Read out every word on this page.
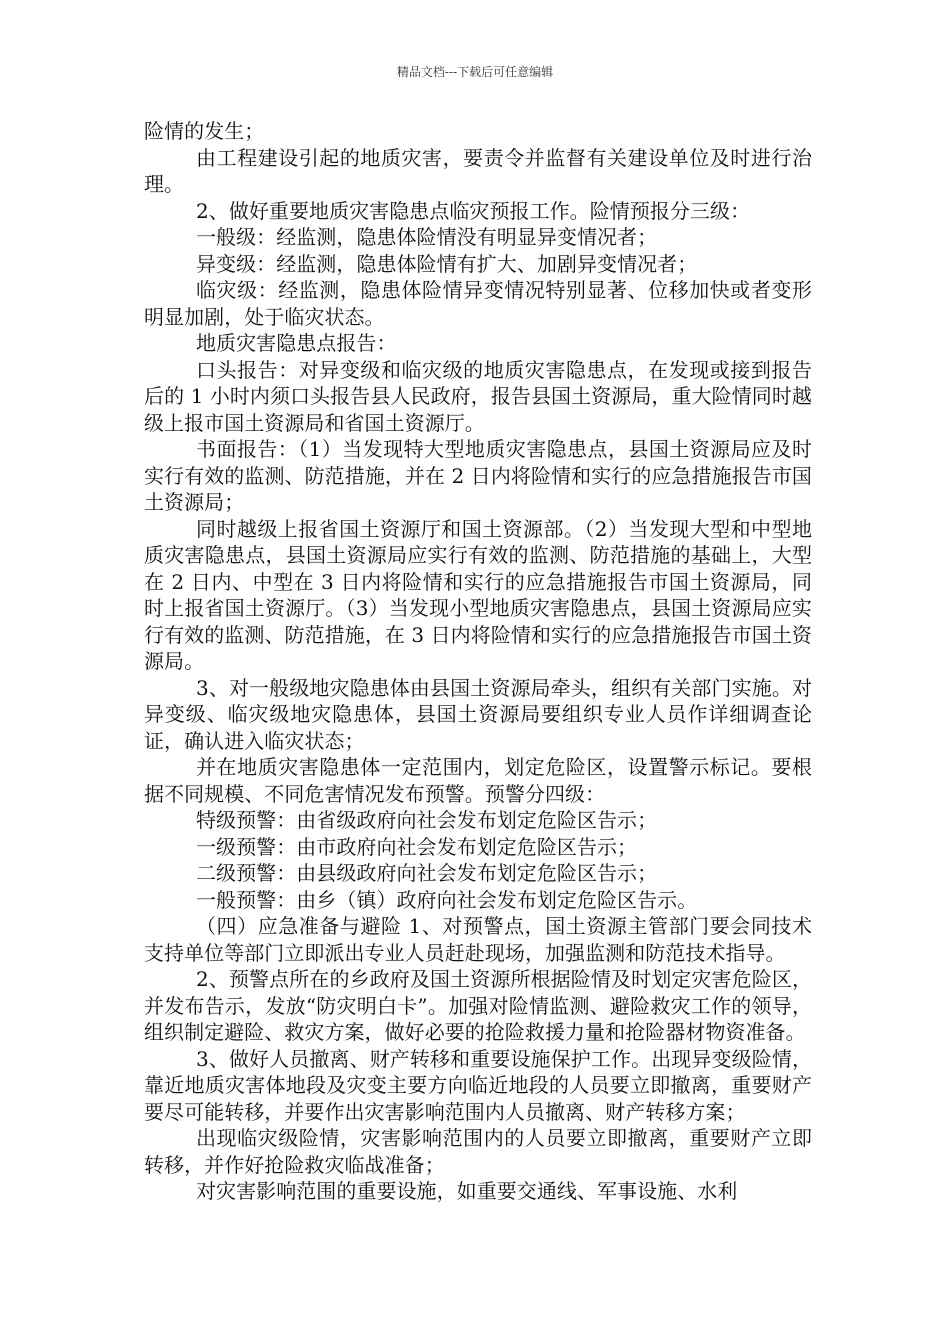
精品文档---下载后可任意编辑

险情的发生；

由工程建设引起的地质灾害，要责令并监督有关建设单位及时进行治理。

2、做好重要地质灾害隐患点临灾预报工作。险情预报分三级：

一般级：经监测，隐患体险情没有明显异变情况者；

异变级：经监测，隐患体险情有扩大、加剧异变情况者；

临灾级：经监测，隐患体险情异变情况特别显著、位移加快或者变形明显加剧，处于临灾状态。

地质灾害隐患点报告：

口头报告：对异变级和临灾级的地质灾害隐患点，在发现或接到报告后的 1 小时内须口头报告县人民政府，报告县国土资源局，重大险情同时越级上报市国土资源局和省国土资源厅。

书面报告：（1）当发现特大型地质灾害隐患点，县国土资源局应及时实行有效的监测、防范措施，并在 2 日内将险情和实行的应急措施报告市国土资源局；

同时越级上报省国土资源厅和国土资源部。（2）当发现大型和中型地质灾害隐患点，县国土资源局应实行有效的监测、防范措施的基础上，大型在 2 日内、中型在 3 日内将险情和实行的应急措施报告市国土资源局，同时上报省国土资源厅。（3）当发现小型地质灾害隐患点，县国土资源局应实行有效的监测、防范措施，在 3 日内将险情和实行的应急措施报告市国土资源局。

3、对一般级地灾隐患体由县国土资源局牵头，组织有关部门实施。对异变级、临灾级地灾隐患体，县国土资源局要组织专业人员作详细调查论证，确认进入临灾状态；

并在地质灾害隐患体一定范围内，划定危险区，设置警示标记。要根据不同规模、不同危害情况发布预警。预警分四级：

特级预警：由省级政府向社会发布划定危险区告示；

一级预警：由市政府向社会发布划定危险区告示；

二级预警：由县级政府向社会发布划定危险区告示；

一般预警：由乡（镇）政府向社会发布划定危险区告示。

（四）应急准备与避险 1、对预警点，国土资源主管部门要会同技术支持单位等部门立即派出专业人员赶赴现场，加强监测和防范技术指导。

2、预警点所在的乡政府及国土资源所根据险情及时划定灾害危险区，并发布告示，发放“防灾明白卡”。加强对险情监测、避险救灾工作的领导，组织制定避险、救灾方案，做好必要的抢险救援力量和抢险器材物资准备。

3、做好人员撤离、财产转移和重要设施保护工作。出现异变级险情，靠近地质灾害体地段及灾变主要方向临近地段的人员要立即撤离，重要财产要尽可能转移，并要作出灾害影响范围内人员撤离、财产转移方案；

出现临灾级险情，灾害影响范围内的人员要立即撤离，重要财产立即转移，并作好抢险救灾临战准备；

对灾害影响范围的重要设施，如重要交通线、军事设施、水利
